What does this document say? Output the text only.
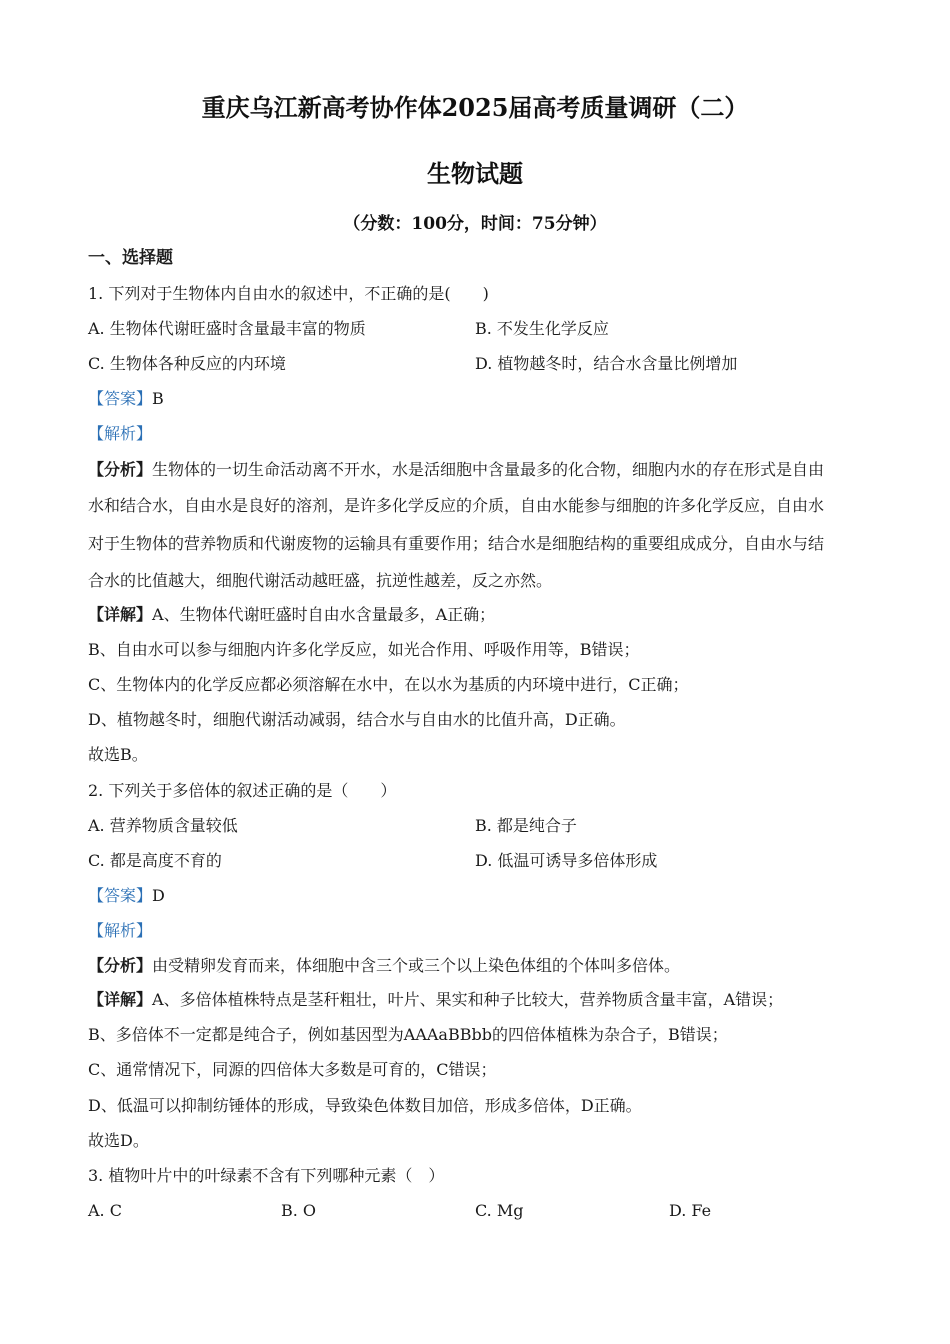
重庆乌江新高考协作体2025届高考质量调研（二）
生物试题
（分数：100分，时间：75分钟）
一、选择题
1. 下列对于生物体内自由水的叙述中，不正确的是(　　)
A. 生物体代谢旺盛时含量最丰富的物质	B. 不发生化学反应
C. 生物体各种反应的内环境	D. 植物越冬时，结合水含量比例增加
【答案】B
【解析】
【分析】生物体的一切生命活动离不开水，水是活细胞中含量最多的化合物，细胞内水的存在形式是自由
水和结合水，自由水是良好的溶剂，是许多化学反应的介质，自由水能参与细胞的许多化学反应，自由水
对于生物体的营养物质和代谢废物的运输具有重要作用；结合水是细胞结构的重要组成成分，自由水与结
合水的比值越大，细胞代谢活动越旺盛，抗逆性越差，反之亦然。
【详解】A、生物体代谢旺盛时自由水含量最多，A正确；
B、自由水可以参与细胞内许多化学反应，如光合作用、呼吸作用等，B错误；
C、生物体内的化学反应都必须溶解在水中，在以水为基质的内环境中进行，C正确；
D、植物越冬时，细胞代谢活动减弱，结合水与自由水的比值升高，D正确。
故选B。
2. 下列关于多倍体的叙述正确的是（　　）
A. 营养物质含量较低	B. 都是纯合子
C. 都是高度不育的	D. 低温可诱导多倍体形成
【答案】D
【解析】
【分析】由受精卵发育而来，体细胞中含三个或三个以上染色体组的个体叫多倍体。
【详解】A、多倍体植株特点是茎秆粗壮，叶片、果实和种子比较大，营养物质含量丰富，A错误；
B、多倍体不一定都是纯合子，例如基因型为AAAaBBbb的四倍体植株为杂合子，B错误；
C、通常情况下，同源的四倍体大多数是可育的，C错误；
D、低温可以抑制纺锤体的形成，导致染色体数目加倍，形成多倍体，D正确。
故选D。
3. 植物叶片中的叶绿素不含有下列哪种元素（　）
A. C	B. O	C. Mg	D. Fe
